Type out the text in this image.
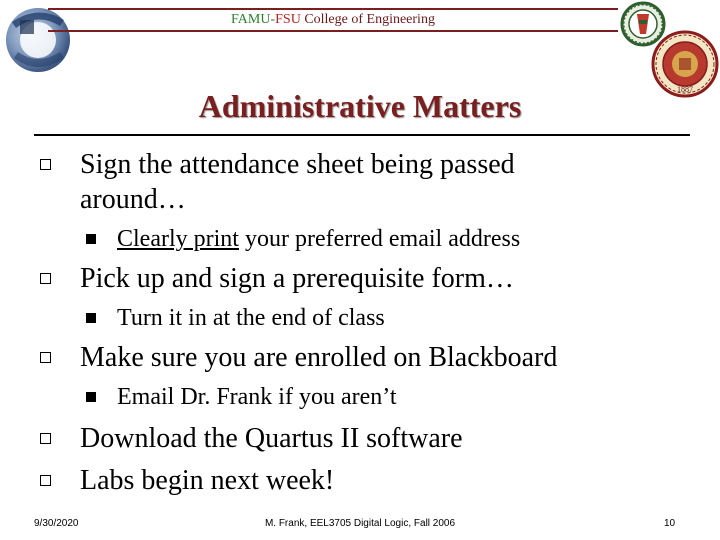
FAMU-FSU College of Engineering
1887
Administrative Matters
Sign the attendance sheet being passed
around…
Clearly print your preferred email address
Pick up and sign a prerequisite form…
Turn it in at the end of class
Make sure you are enrolled on Blackboard
Email Dr. Frank if you aren’t
Download the Quartus II software
Labs begin next week!
9/30/2020	M. Frank, EEL3705 Digital Logic, Fall 2006	10
